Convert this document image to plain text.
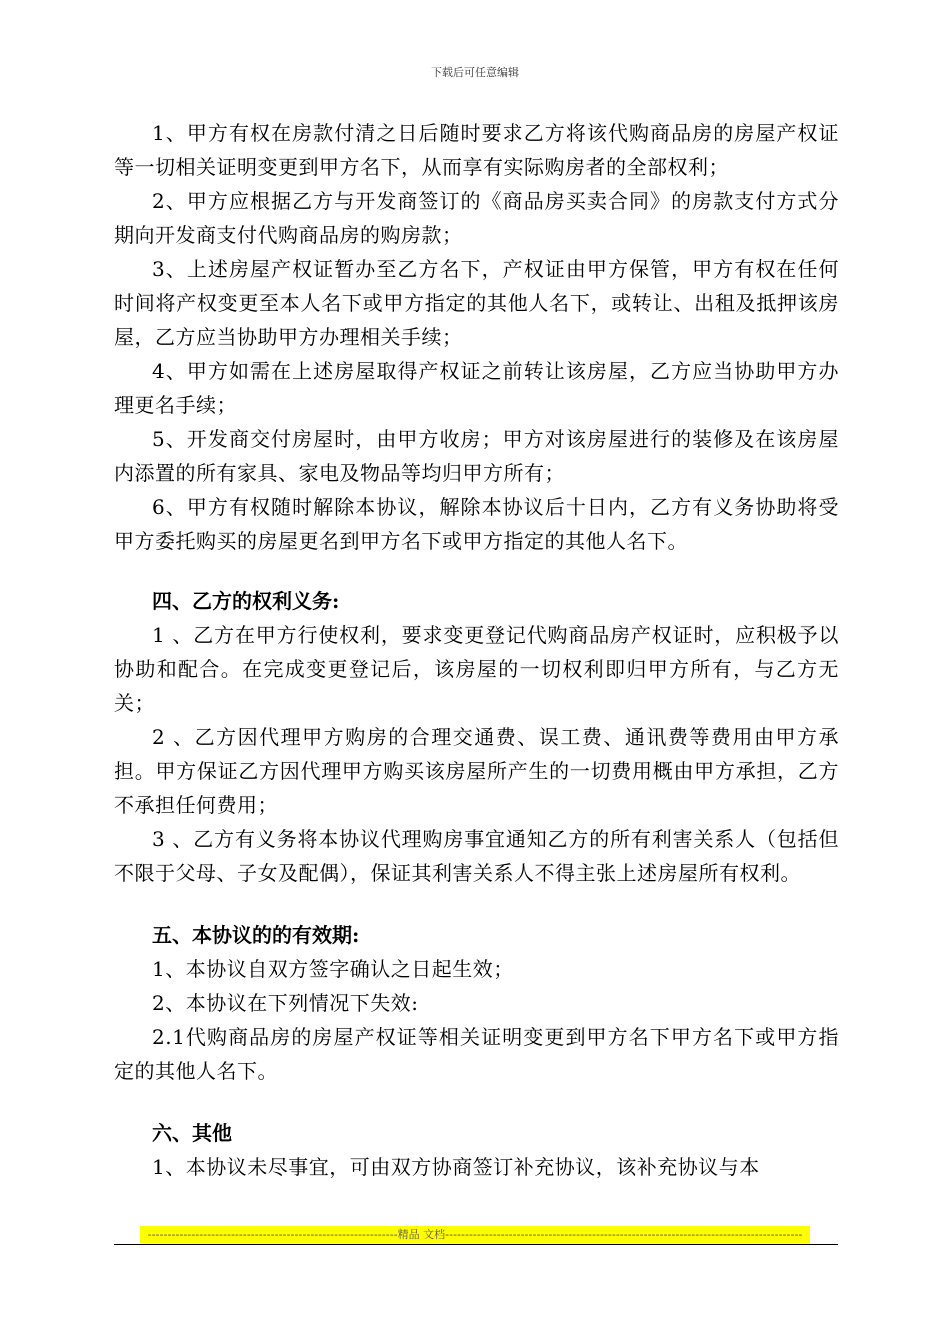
下载后可任意编辑

1、甲方有权在房款付清之日后随时要求乙方将该代购商品房的房屋产权证等一切相关证明变更到甲方名下，从而享有实际购房者的全部权利；

2、甲方应根据乙方与开发商签订的《商品房买卖合同》的房款支付方式分期向开发商支付代购商品房的购房款；

3、上述房屋产权证暂办至乙方名下，产权证由甲方保管，甲方有权在任何时间将产权变更至本人名下或甲方指定的其他人名下，或转让、出租及抵押该房屋，乙方应当协助甲方办理相关手续；

4、甲方如需在上述房屋取得产权证之前转让该房屋，乙方应当协助甲方办理更名手续；

5、开发商交付房屋时，由甲方收房；甲方对该房屋进行的装修及在该房屋内添置的所有家具、家电及物品等均归甲方所有；

6、甲方有权随时解除本协议，解除本协议后十日内，乙方有义务协助将受甲方委托购买的房屋更名到甲方名下或甲方指定的其他人名下。

四、乙方的权利义务:

1 、乙方在甲方行使权利，要求变更登记代购商品房产权证时，应积极予以协助和配合。在完成变更登记后，该房屋的一切权利即归甲方所有，与乙方无关；

2 、乙方因代理甲方购房的合理交通费、误工费、通讯费等费用由甲方承担。甲方保证乙方因代理甲方购买该房屋所产生的一切费用概由甲方承担，乙方不承担任何费用；

3 、乙方有义务将本协议代理购房事宜通知乙方的所有利害关系人（包括但不限于父母、子女及配偶），保证其利害关系人不得主张上述房屋所有权利。

五、本协议的的有效期:

1、本协议自双方签字确认之日起生效；

2、本协议在下列情况下失效:

2.1代购商品房的房屋产权证等相关证明变更到甲方名下甲方名下或甲方指定的其他人名下。

六、其他

1、本协议未尽事宜，可由双方协商签订补充协议，该补充协议与本

---------------------------------------------------------------精品 文档------------------------------------------------------------------------------------------
